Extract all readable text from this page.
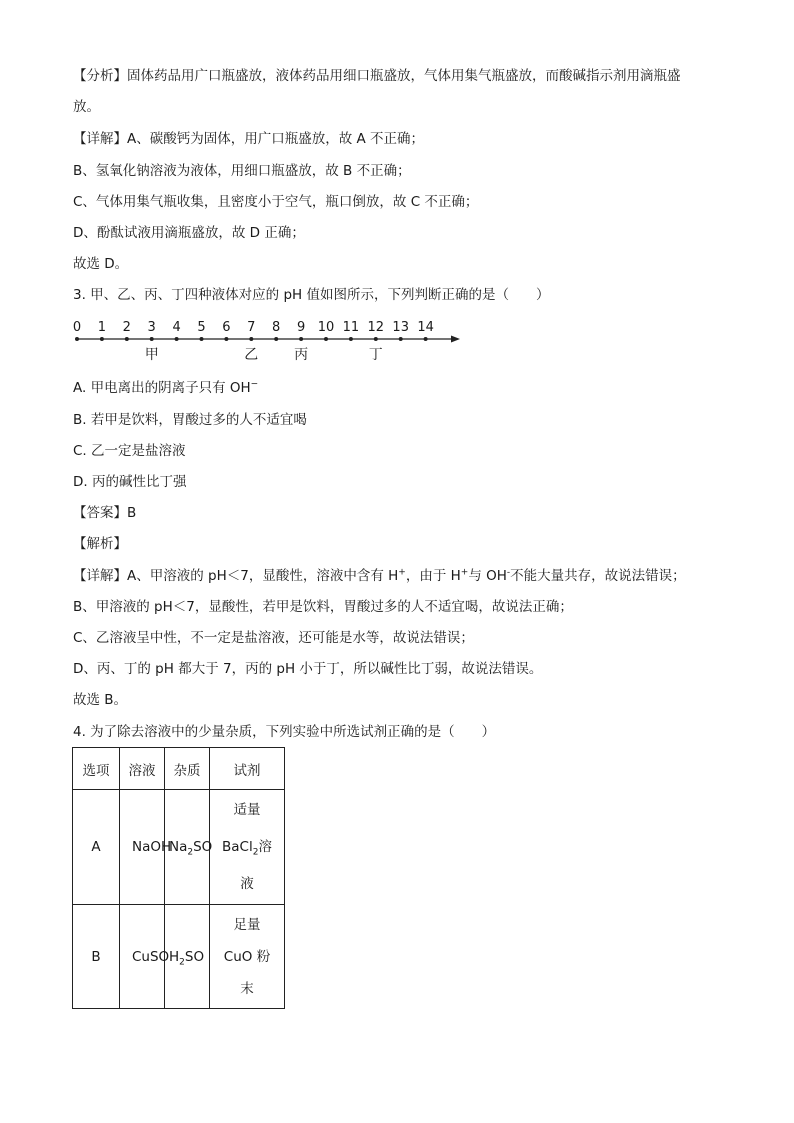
【分析】固体药品用广口瓶盛放，液体药品用细口瓶盛放，气体用集气瓶盛放，而酸碱指示剂用滴瓶盛
放。
【详解】A、碳酸钙为固体，用广口瓶盛放，故 A 不正确；
B、氢氧化钠溶液为液体，用细口瓶盛放，故 B 不正确；
C、气体用集气瓶收集，且密度小于空气，瓶口倒放，故 C 不正确；
D、酚酞试液用滴瓶盛放，故 D 正确；
故选 D。
3. 甲、乙、丙、丁四种液体对应的 pH 值如图所示，下列判断正确的是（　　）
0 1 2 3 4 5 6 7 8 9 10 11 12 13 14
甲	乙	丙	丁
A. 甲电离出的阴离子只有 OH−
B. 若甲是饮料，胃酸过多的人不适宜喝
C. 乙一定是盐溶液
D. 丙的碱性比丁强
【答案】B
【解析】
【详解】A、甲溶液的 pH＜7，显酸性，溶液中含有 H+，由于 H+与 OH-不能大量共存，故说法错误；
B、甲溶液的 pH＜7，显酸性，若甲是饮料，胃酸过多的人不适宜喝，故说法正确；
C、乙溶液呈中性，不一定是盐溶液，还可能是水等，故说法错误；
D、丙、丁的 pH 都大于 7，丙的 pH 小于丁，所以碱性比丁弱，故说法错误。
故选 B。
4. 为了除去溶液中的少量杂质，下列实验中所选试剂正确的是（　　）
选项	溶液	杂质	试剂
A	NaOH	$Na_2SO$	适量
BaCl$_2$溶
液

B	CuSO	$H_2SO$	足量
CuO 粉
末
